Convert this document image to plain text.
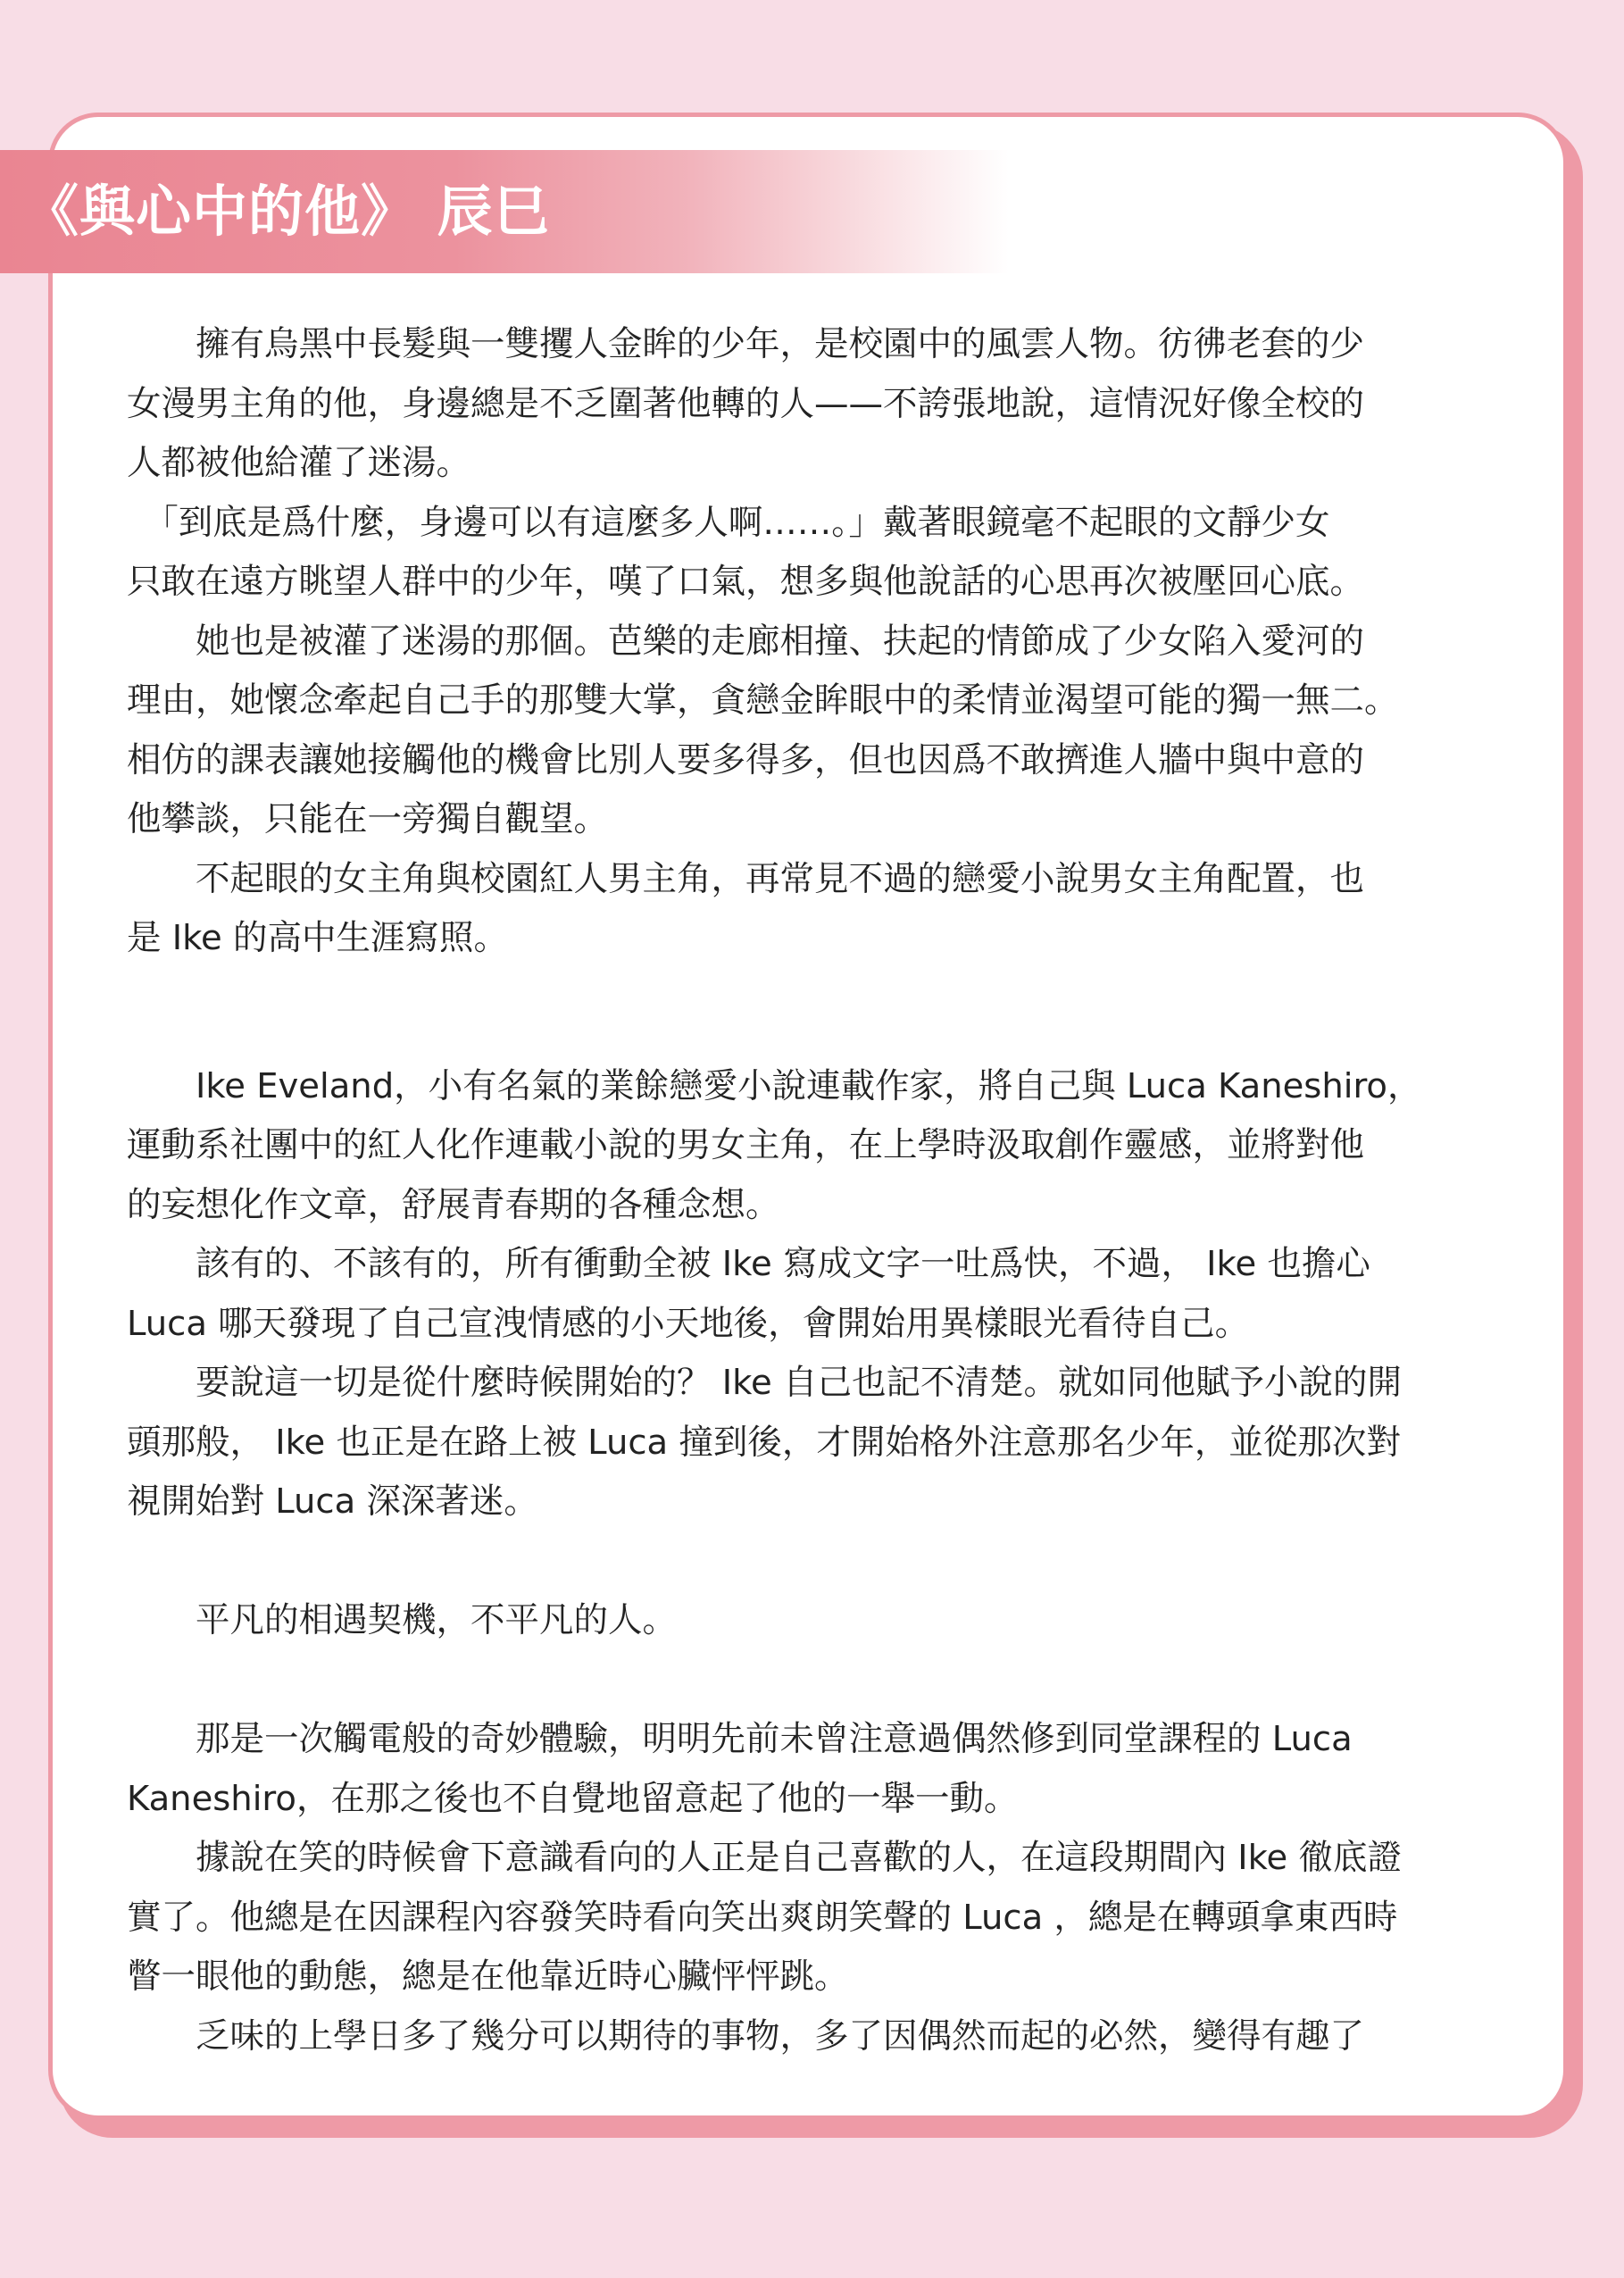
《與心中的他》 辰巳

　　擁有烏黑中長髮與一雙攫人金眸的少年，是校園中的風雲人物。彷彿老套的少
女漫男主角的他，身邊總是不乏圍著他轉的人——不誇張地說，這情況好像全校的
人都被他給灌了迷湯。

　「到底是爲什麼，身邊可以有這麼多人啊……。」戴著眼鏡毫不起眼的文靜少女
只敢在遠方眺望人群中的少年，嘆了口氣，想多與他說話的心思再次被壓回心底。

　　她也是被灌了迷湯的那個。芭樂的走廊相撞、扶起的情節成了少女陷入愛河的
理由，她懷念牽起自己手的那雙大掌，貪戀金眸眼中的柔情並渴望可能的獨一無二。
相仿的課表讓她接觸他的機會比別人要多得多，但也因爲不敢擠進人牆中與中意的
他攀談，只能在一旁獨自觀望。

　　不起眼的女主角與校園紅人男主角，再常見不過的戀愛小說男女主角配置，也
是 Ike 的高中生涯寫照。

　　Ike Eveland，小有名氣的業餘戀愛小說連載作家，將自己與 Luca Kaneshiro，
運動系社團中的紅人化作連載小說的男女主角，在上學時汲取創作靈感，並將對他
的妄想化作文章，舒展青春期的各種念想。

　　該有的、不該有的，所有衝動全被 Ike 寫成文字一吐爲快，不過， Ike 也擔心
Luca 哪天發現了自己宣洩情感的小天地後，會開始用異樣眼光看待自己。

　　要說這一切是從什麼時候開始的？ Ike 自己也記不清楚。就如同他賦予小說的開
頭那般， Ike 也正是在路上被 Luca 撞到後，才開始格外注意那名少年，並從那次對
視開始對 Luca 深深著迷。

　　平凡的相遇契機，不平凡的人。

　　那是一次觸電般的奇妙體驗，明明先前未曾注意過偶然修到同堂課程的 Luca
Kaneshiro，在那之後也不自覺地留意起了他的一舉一動。

　　據說在笑的時候會下意識看向的人正是自己喜歡的人，在這段期間內 Ike 徹底證
實了。他總是在因課程內容發笑時看向笑出爽朗笑聲的 Luca ，總是在轉頭拿東西時
瞥一眼他的動態，總是在他靠近時心臟怦怦跳。

　　乏味的上學日多了幾分可以期待的事物，多了因偶然而起的必然，變得有趣了
